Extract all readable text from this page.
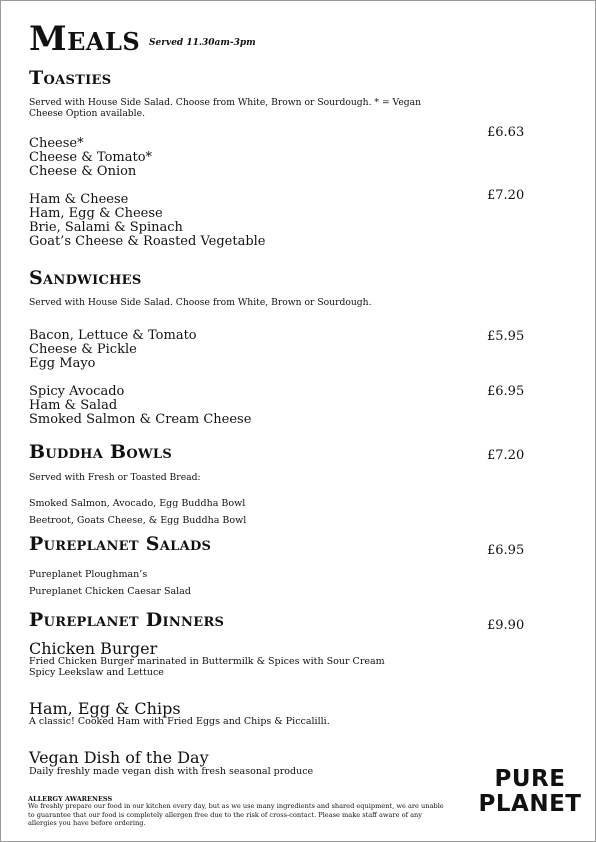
Meals Served 11.30am-3pm
Toasties
Served with House Side Salad. Choose from White, Brown or Sourdough. * = Vegan Cheese Option available.
Cheese*
Cheese & Tomato*
Cheese & Onion
£6.63
Ham & Cheese
Ham, Egg & Cheese
Brie, Salami & Spinach
Goat’s Cheese & Roasted Vegetable
£7.20
Sandwiches
Served with House Side Salad. Choose from White, Brown or Sourdough.
Bacon, Lettuce & Tomato
Cheese & Pickle
Egg Mayo
£5.95
Spicy Avocado
Ham & Salad
Smoked Salmon & Cream Cheese
£6.95
Buddha Bowls	£7.20
Served with Fresh or Toasted Bread:
Smoked Salmon, Avocado, Egg Buddha Bowl
Beetroot, Goats Cheese, & Egg Buddha Bowl
Pureplanet Salads	£6.95
Pureplanet Ploughman’s
Pureplanet Chicken Caesar Salad
Pureplanet Dinners	£9.90
Chicken Burger
Fried Chicken Burger marinated in Buttermilk & Spices with Sour Cream
Spicy Leekslaw and Lettuce
Ham, Egg & Chips
A classic! Cooked Ham with Fried Eggs and Chips & Piccalilli.
Vegan Dish of the Day
Daily freshly made vegan dish with fresh seasonal produce
ALLERGY AWARENESS
We freshly prepare our food in our kitchen every day, but as we use many ingredients and shared equipment, we are unable to guarantee that our food is completely allergen free due to the risk of cross-contact. Please make staff aware of any allergies you have before ordering.
PURE
PLANET
